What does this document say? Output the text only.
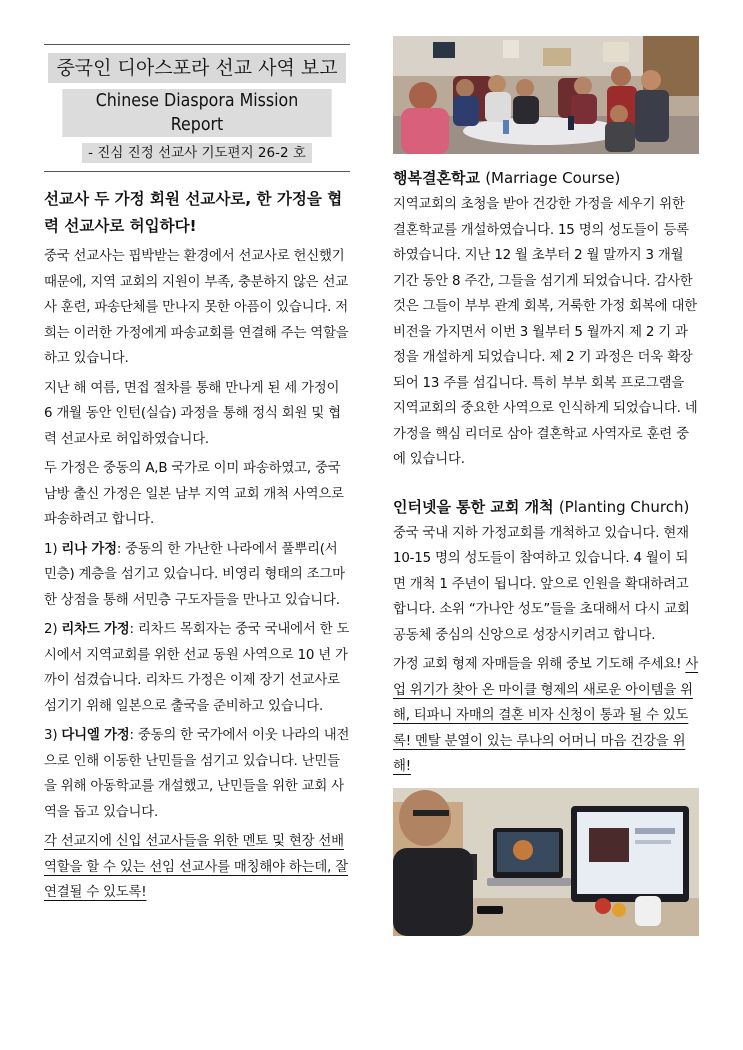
중국인 디아스포라 선교 사역 보고
Chinese Diaspora Mission Report
- 진심 진정 선교사 기도편지 26-2 호
선교사 두 가정 회원 선교사로, 한 가정을 협력 선교사로 허입하다!

중국 선교사는 핍박받는 환경에서 선교사로 헌신했기 때문에, 지역 교회의 지원이 부족, 충분하지 않은 선교사 훈련, 파송단체를 만나지 못한 아픔이 있습니다. 저희는 이러한 가정에게 파송교회를 연결해 주는 역할을 하고 있습니다.

지난 해 여름, 면접 절차를 통해 만나게 된 세 가정이 6 개월 동안 인턴(실습) 과정을 통해 정식 회원 및 협력 선교사로 허입하였습니다.

두 가정은 중동의 A,B 국가로 이미 파송하였고, 중국 남방 출신 가정은 일본 남부 지역 교회 개척 사역으로 파송하려고 합니다.

1) 리나 가정: 중동의 한 가난한 나라에서 풀뿌리(서민층) 계층을 섬기고 있습니다. 비영리 형태의 조그마한 상점을 통해 서민층 구도자들을 만나고 있습니다.

2) 리차드 가정: 리차드 목회자는 중국 국내에서 한 도시에서 지역교회를 위한 선교 동원 사역으로 10 년 가까이 섬겼습니다. 리차드 가정은 이제 장기 선교사로 섬기기 위해 일본으로 출국을 준비하고 있습니다.

3) 다니엘 가정: 중동의 한 국가에서 이웃 나라의 내전으로 인해 이동한 난민들을 섬기고 있습니다. 난민들을 위해 아동학교를 개설했고, 난민들을 위한 교회 사역을 돕고 있습니다.

각 선교지에 신입 선교사들을 위한 멘토 및 현장 선배 역할을 할 수 있는 선임 선교사를 매칭해야 하는데, 잘 연결될 수 있도록!

행복결혼학교 (Marriage Course)

지역교회의 초청을 받아 건강한 가정을 세우기 위한 결혼학교를 개설하였습니다. 15 명의 성도들이 등록하였습니다. 지난 12 월 초부터 2 월 말까지 3 개월 기간 동안 8 주간, 그들을 섬기게 되었습니다. 감사한 것은 그들이 부부 관계 회복, 거룩한 가정 회복에 대한 비전을 가지면서 이번 3 월부터 5 월까지 제 2 기 과정을 개설하게 되었습니다. 제 2 기 과정은 더욱 확장되어 13 주를 섬깁니다. 특히 부부 회복 프로그램을 지역교회의 중요한 사역으로 인식하게 되었습니다. 네 가정을 핵심 리더로 삼아 결혼학교 사역자로 훈련 중에 있습니다.

인터넷을 통한 교회 개척 (Planting Church)

중국 국내 지하 가정교회를 개척하고 있습니다. 현재 10-15 명의 성도들이 참여하고 있습니다. 4 월이 되면 개척 1 주년이 됩니다. 앞으로 인원을 확대하려고 합니다. 소위 “가나안 성도”들을 초대해서 다시 교회 공동체 중심의 신앙으로 성장시키려고 합니다.

가정 교회 형제 자매들을 위해 중보 기도해 주세요! 사업 위기가 찾아 온 마이클 형제의 새로운 아이템을 위해, 티파니 자매의 결혼 비자 신청이 통과 될 수 있도록! 멘탈 분열이 있는 루나의 어머니 마음 건강을 위해!
